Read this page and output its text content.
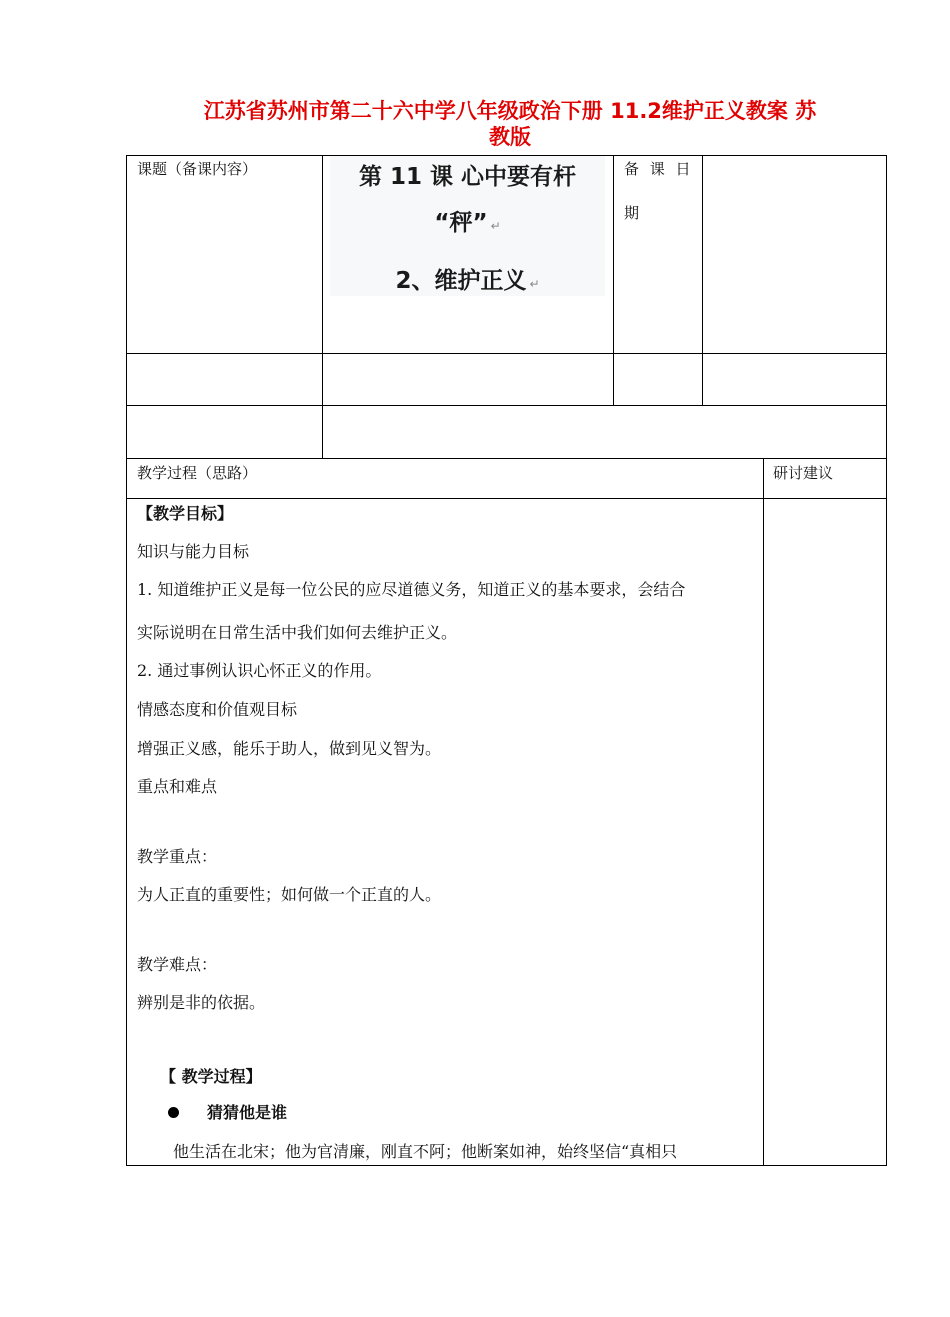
江苏省苏州市第二十六中学八年级政治下册 11.2维护正义教案 苏
教版
课题（备课内容）	第 11 课 心中要有杆
“秤” ↵
2、维护正义 ↵
备 课 日
期
教学过程（思路）	研讨建议
【教学目标】
知识与能力目标
1. 知道维护正义是每一位公民的应尽道德义务，知道正义的基本要求，会结合
实际说明在日常生活中我们如何去维护正义。
2. 通过事例认识心怀正义的作用。
情感态度和价值观目标
增强正义感，能乐于助人，做到见义智为。
重点和难点
教学重点：
为人正直的重要性；如何做一个正直的人。
教学难点：
辨别是非的依据。
【 教学过程】
猜猜他是谁
他生活在北宋；他为官清廉，刚直不阿；他断案如神，始终坚信“真相只
